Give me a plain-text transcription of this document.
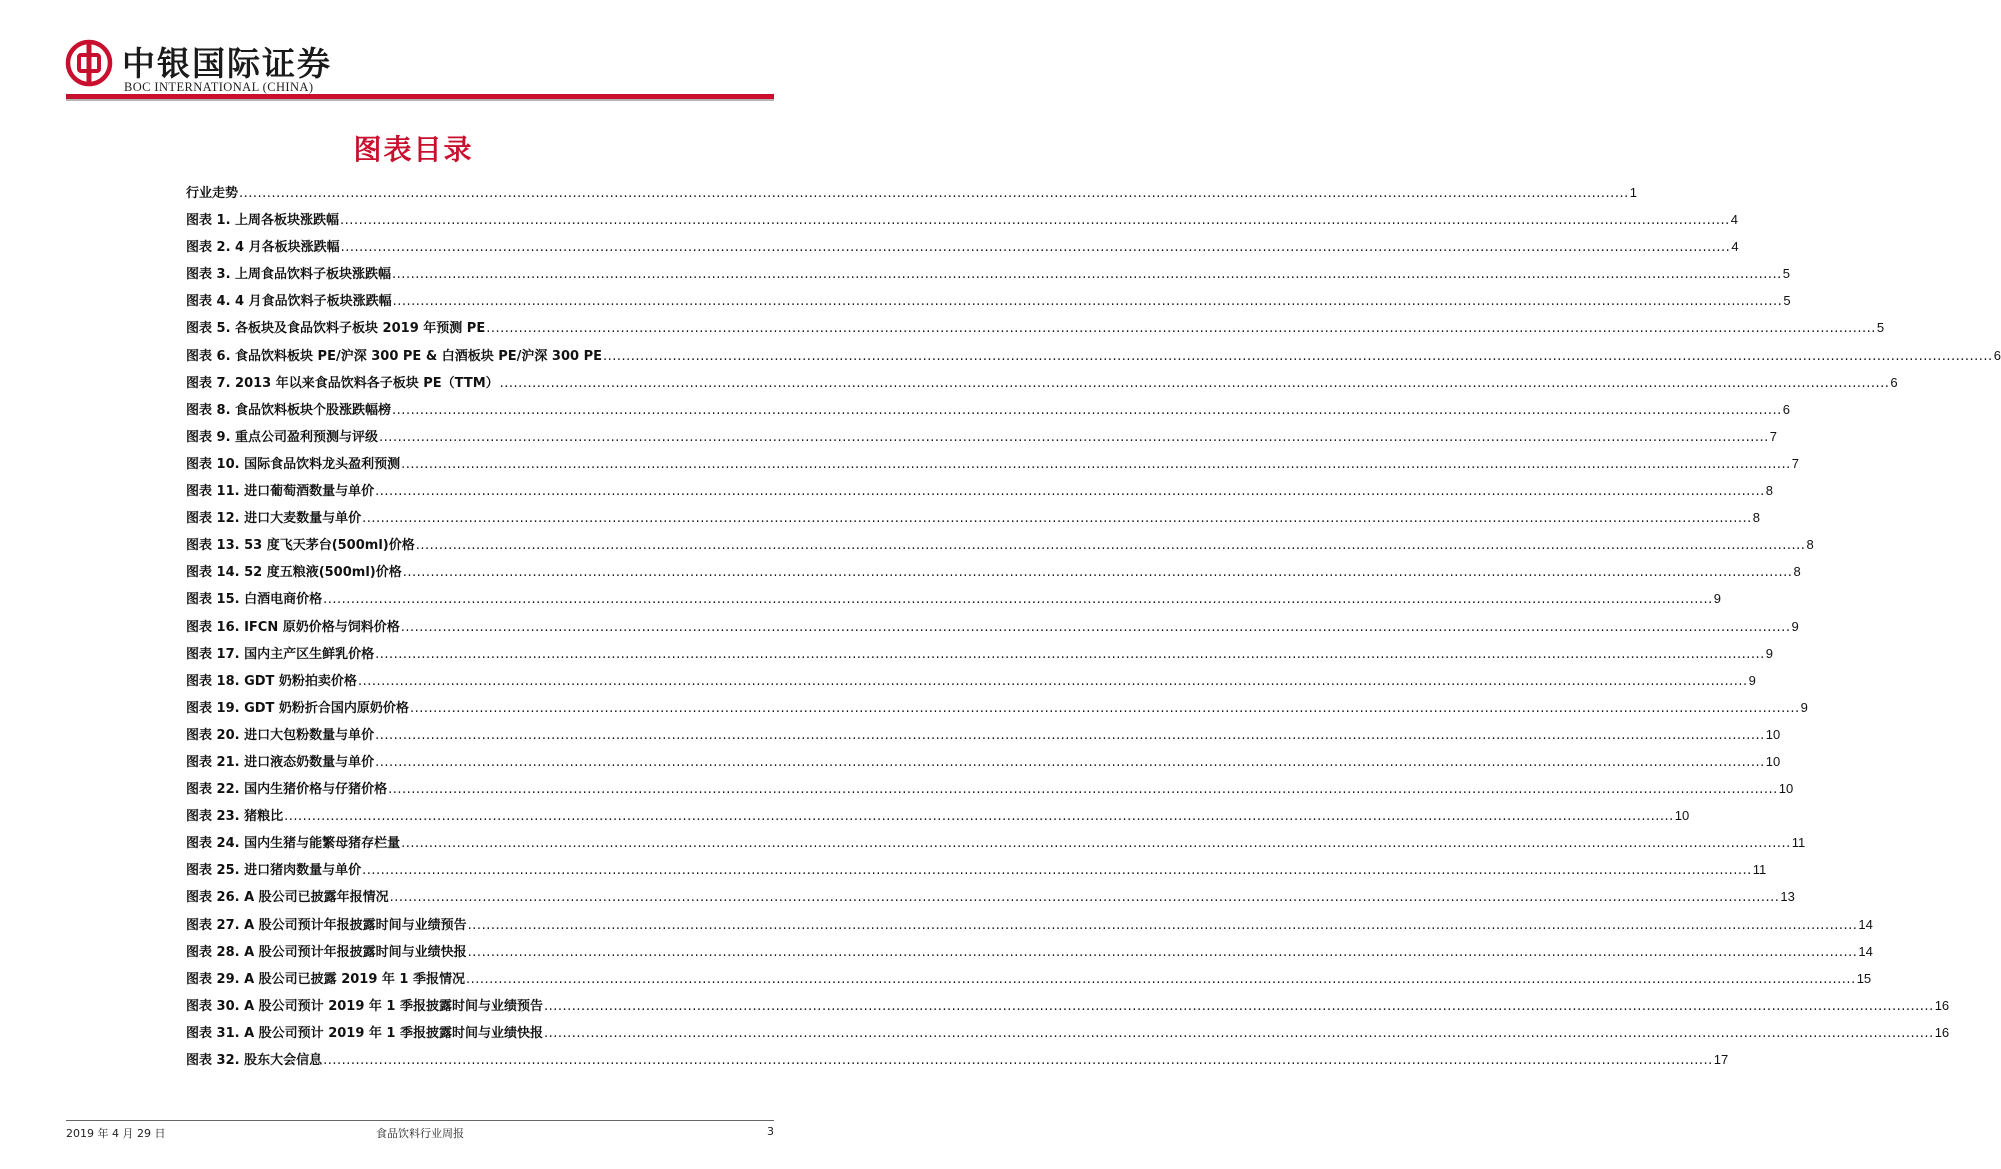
中银国际证券
BOC INTERNATIONAL (CHINA)
图表目录
行业走势 ............................................................................................................................................................................................................................................................................................................ 1
图表 1. 上周各板块涨跌幅 ............................................................................................................................................................................................................................................................................................................ 4
图表 2. 4 月各板块涨跌幅 ............................................................................................................................................................................................................................................................................................................ 4
图表 3. 上周食品饮料子板块涨跌幅 ............................................................................................................................................................................................................................................................................................................ 5
图表 4. 4 月食品饮料子板块涨跌幅 ............................................................................................................................................................................................................................................................................................................ 5
图表 5. 各板块及食品饮料子板块 2019 年预测 PE ............................................................................................................................................................................................................................................................................................................ 5
图表 6. 食品饮料板块 PE/沪深 300 PE & 白酒板块 PE/沪深 300 PE ............................................................................................................................................................................................................................................................................................................ 6
图表 7. 2013 年以来食品饮料各子板块 PE（TTM） ............................................................................................................................................................................................................................................................................................................ 6
图表 8. 食品饮料板块个股涨跌幅榜 ............................................................................................................................................................................................................................................................................................................ 6
图表 9. 重点公司盈利预测与评级 ............................................................................................................................................................................................................................................................................................................ 7
图表 10. 国际食品饮料龙头盈利预测 ............................................................................................................................................................................................................................................................................................................ 7
图表 11. 进口葡萄酒数量与单价 ............................................................................................................................................................................................................................................................................................................ 8
图表 12. 进口大麦数量与单价 ............................................................................................................................................................................................................................................................................................................ 8
图表 13. 53 度飞天茅台(500ml)价格 ............................................................................................................................................................................................................................................................................................................ 8
图表 14. 52 度五粮液(500ml)价格 ............................................................................................................................................................................................................................................................................................................ 8
图表 15. 白酒电商价格 ............................................................................................................................................................................................................................................................................................................ 9
图表 16. IFCN 原奶价格与饲料价格 ............................................................................................................................................................................................................................................................................................................ 9
图表 17. 国内主产区生鲜乳价格 ............................................................................................................................................................................................................................................................................................................ 9
图表 18. GDT 奶粉拍卖价格 ............................................................................................................................................................................................................................................................................................................ 9
图表 19. GDT 奶粉折合国内原奶价格 ............................................................................................................................................................................................................................................................................................................ 9
图表 20. 进口大包粉数量与单价 ............................................................................................................................................................................................................................................................................................................ 10
图表 21. 进口液态奶数量与单价 ............................................................................................................................................................................................................................................................................................................ 10
图表 22. 国内生猪价格与仔猪价格 ............................................................................................................................................................................................................................................................................................................ 10
图表 23. 猪粮比 ............................................................................................................................................................................................................................................................................................................ 10
图表 24. 国内生猪与能繁母猪存栏量 ............................................................................................................................................................................................................................................................................................................ 11
图表 25. 进口猪肉数量与单价 ............................................................................................................................................................................................................................................................................................................ 11
图表 26. A 股公司已披露年报情况 ............................................................................................................................................................................................................................................................................................................ 13
图表 27. A 股公司预计年报披露时间与业绩预告 ............................................................................................................................................................................................................................................................................................................ 14
图表 28. A 股公司预计年报披露时间与业绩快报 ............................................................................................................................................................................................................................................................................................................ 14
图表 29. A 股公司已披露 2019 年 1 季报情况 ............................................................................................................................................................................................................................................................................................................ 15
图表 30. A 股公司预计 2019 年 1 季报披露时间与业绩预告 ............................................................................................................................................................................................................................................................................................................ 16
图表 31. A 股公司预计 2019 年 1 季报披露时间与业绩快报 ............................................................................................................................................................................................................................................................................................................ 16
图表 32. 股东大会信息 ............................................................................................................................................................................................................................................................................................................ 17
2019 年 4 月 29 日	食品饮料行业周报	3
